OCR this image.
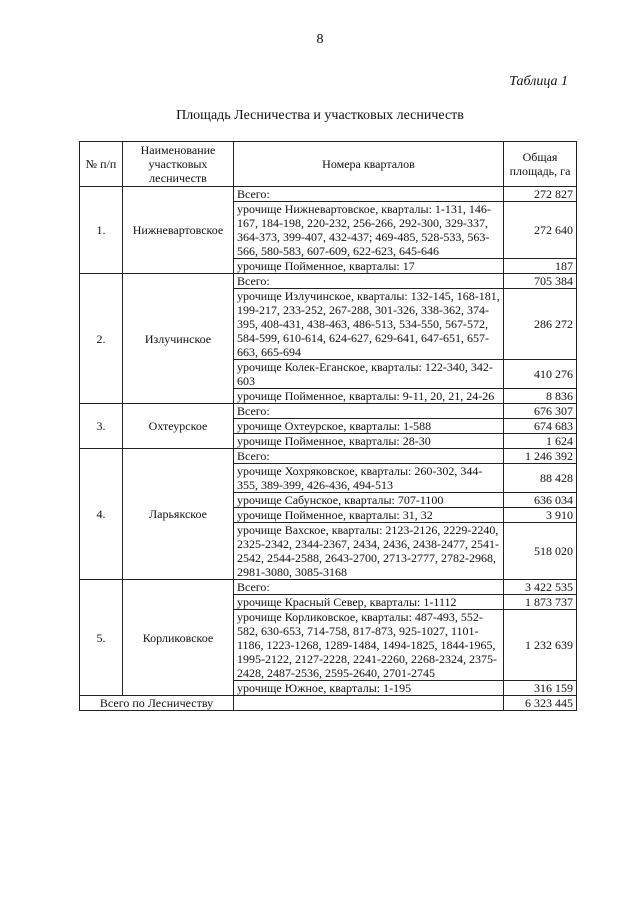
8
Таблица 1
Площадь Лесничества и участковых лесничеств
№ п/п	Наименование участковых лесничеств	Номера кварталов	Общая площадь, га
1.	Нижневартовское	Всего:	272 827
		урочище Нижневартовское, кварталы: 1-131, 146-167, 184-198, 220-232, 256-266, 292-300, 329-337, 364-373, 399-407, 432-437; 469-485, 528-533, 563-566, 580-583, 607-609, 622-623, 645-646	272 640
		урочище Пойменное, кварталы: 17	187
2.	Излучинское	Всего:	705 384
		урочище Излучинское, кварталы: 132-145, 168-181, 199-217, 233-252, 267-288, 301-326, 338-362, 374-395, 408-431, 438-463, 486-513, 534-550, 567-572, 584-599, 610-614, 624-627, 629-641, 647-651, 657-663, 665-694	286 272
		урочище Колек-Еганское, кварталы: 122-340, 342-603	410 276
		урочище Пойменное, кварталы: 9-11, 20, 21, 24-26	8 836
3.	Охтеурское	Всего:	676 307
		урочище Охтеурское, кварталы: 1-588	674 683
		урочище Пойменное, кварталы: 28-30	1 624
4.	Ларьякское	Всего:	1 246 392
		урочище Хохряковское, кварталы: 260-302, 344-355, 389-399, 426-436, 494-513	88 428
		урочище Сабунское, кварталы: 707-1100	636 034
		урочище Пойменное, кварталы: 31, 32	3 910
		урочище Вахское, кварталы: 2123-2126, 2229-2240, 2325-2342, 2344-2367, 2434, 2436, 2438-2477, 2541-2542, 2544-2588, 2643-2700, 2713-2777, 2782-2968, 2981-3080, 3085-3168	518 020
5.	Корликовское	Всего:	3 422 535
		урочище Красный Север, кварталы: 1-1112	1 873 737
		урочище Корликовское, кварталы: 487-493, 552-582, 630-653, 714-758, 817-873, 925-1027, 1101-1186, 1223-1268, 1289-1484, 1494-1825, 1844-1965, 1995-2122, 2127-2228, 2241-2260, 2268-2324, 2375-2428, 2487-2536, 2595-2640, 2701-2745	1 232 639
		урочище Южное, кварталы: 1-195	316 159
Всего по Лесничеству			6 323 445
